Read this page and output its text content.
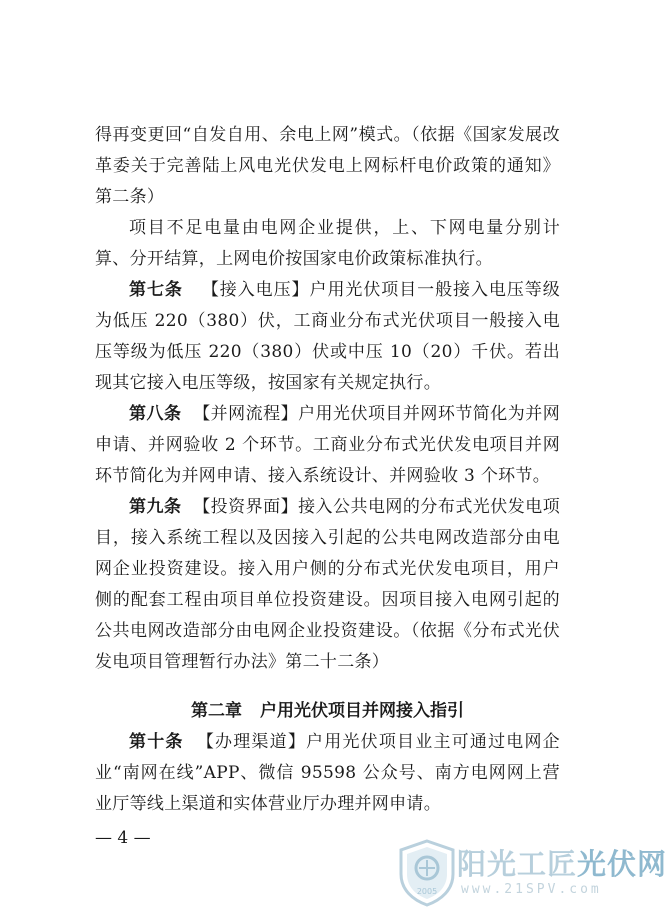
得再变更回“自发自用、余电上网”模式。（依据《国家发展改革委关于完善陆上风电光伏发电上网标杆电价政策的通知》第二条）

项目不足电量由电网企业提供，上、下网电量分别计算、分开结算，上网电价按国家电价政策标准执行。

第七条 【接入电压】户用光伏项目一般接入电压等级为低压 220（380）伏，工商业分布式光伏项目一般接入电压等级为低压 220（380）伏或中压 10（20）千伏。若出现其它接入电压等级，按国家有关规定执行。

第八条 【并网流程】户用光伏项目并网环节简化为并网申请、并网验收 2 个环节。工商业分布式光伏发电项目并网环节简化为并网申请、接入系统设计、并网验收 3 个环节。

第九条 【投资界面】接入公共电网的分布式光伏发电项目，接入系统工程以及因接入引起的公共电网改造部分由电网企业投资建设。接入用户侧的分布式光伏发电项目，用户侧的配套工程由项目单位投资建设。因项目接入电网引起的公共电网改造部分由电网企业投资建设。（依据《分布式光伏发电项目管理暂行办法》第二十二条）

第二章 户用光伏项目并网接入指引

第十条 【办理渠道】户用光伏项目业主可通过电网企业“南网在线”APP、微信 95598 公众号、南方电网网上营业厅等线上渠道和实体营业厅办理并网申请。

— 4 —
2005
阳光工匠光伏网
www.21SPV.com
